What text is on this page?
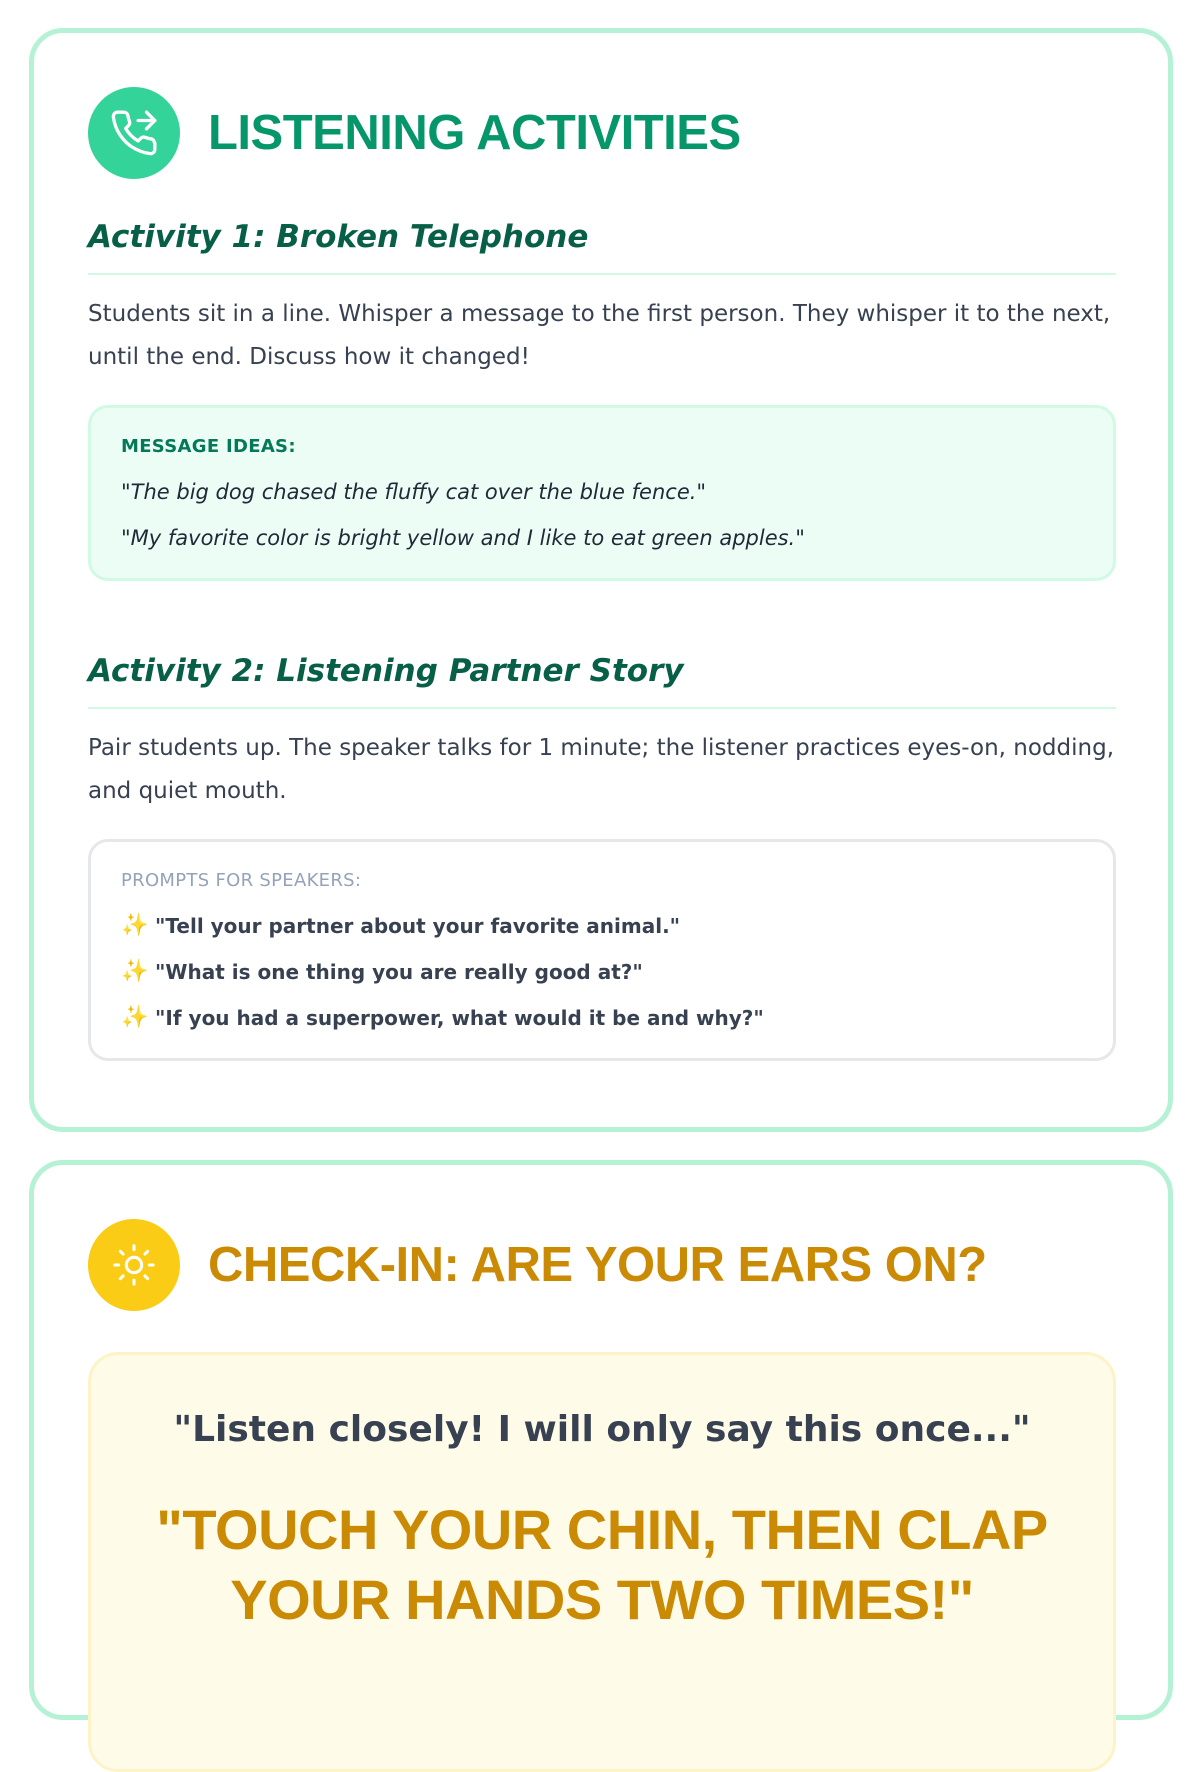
LISTENING ACTIVITIES
Activity 1: Broken Telephone
Students sit in a line. Whisper a message to the first person. They whisper it to the next, until the end. Discuss how it changed!
MESSAGE IDEAS:
"The big dog chased the fluffy cat over the blue fence."
"My favorite color is bright yellow and I like to eat green apples."
Activity 2: Listening Partner Story
Pair students up. The speaker talks for 1 minute; the listener practices eyes-on, nodding, and quiet mouth.
PROMPTS FOR SPEAKERS:
✨ "Tell your partner about your favorite animal."
✨ "What is one thing you are really good at?"
✨ "If you had a superpower, what would it be and why?"
CHECK-IN: ARE YOUR EARS ON?
"Listen closely! I will only say this once..."
"TOUCH YOUR CHIN, THEN CLAP YOUR HANDS TWO TIMES!"
